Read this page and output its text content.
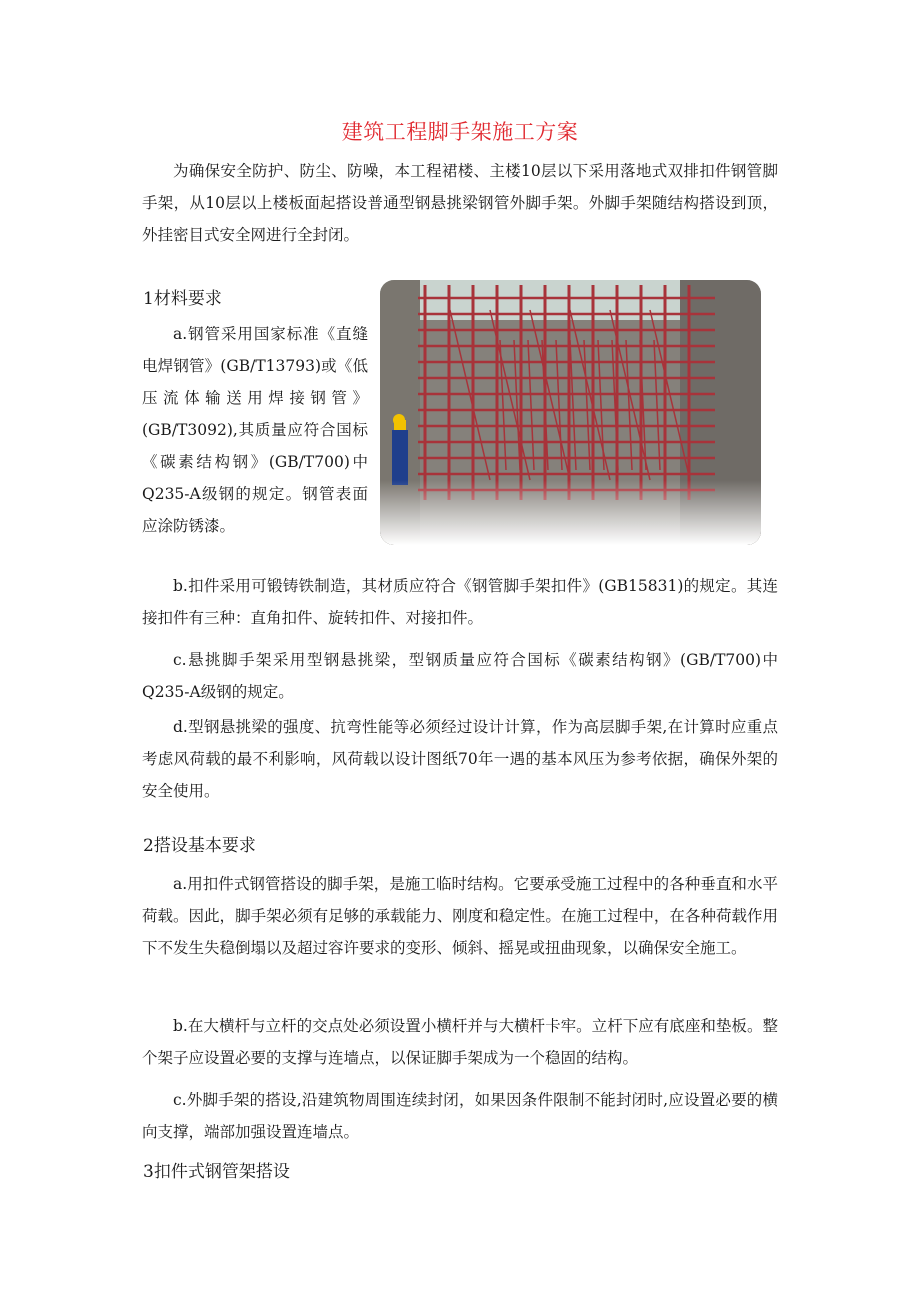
建筑工程脚手架施工方案
为确保安全防护、防尘、防噪，本工程裙楼、主楼10层以下采用落地式双排扣件钢管脚手架，从10层以上楼板面起搭设普通型钢悬挑梁钢管外脚手架。外脚手架随结构搭设到顶，外挂密目式安全网进行全封闭。
1材料要求
a.钢管采用国家标准《直缝电焊钢管》(GB/T13793)或《低压流体输送用焊接钢管》(GB/T3092),其质量应符合国标《碳素结构钢》(GB/T700)中Q235-A级钢的规定。钢管表面应涂防锈漆。
b.扣件采用可锻铸铁制造，其材质应符合《钢管脚手架扣件》(GB15831)的规定。其连接扣件有三种：直角扣件、旋转扣件、对接扣件。
c.悬挑脚手架采用型钢悬挑梁，型钢质量应符合国标《碳素结构钢》(GB/T700)中Q235-A级钢的规定。
d.型钢悬挑梁的强度、抗弯性能等必须经过设计计算，作为高层脚手架,在计算时应重点考虑风荷载的最不利影响，风荷载以设计图纸70年一遇的基本风压为参考依据，确保外架的安全使用。
2搭设基本要求
a.用扣件式钢管搭设的脚手架，是施工临时结构。它要承受施工过程中的各种垂直和水平荷载。因此，脚手架必须有足够的承载能力、刚度和稳定性。在施工过程中，在各种荷载作用下不发生失稳倒塌以及超过容许要求的变形、倾斜、摇晃或扭曲现象，以确保安全施工。
b.在大横杆与立杆的交点处必须设置小横杆并与大横杆卡牢。立杆下应有底座和垫板。整个架子应设置必要的支撑与连墙点，以保证脚手架成为一个稳固的结构。
c.外脚手架的搭设,沿建筑物周围连续封闭，如果因条件限制不能封闭时,应设置必要的横向支撑，端部加强设置连墙点。
3扣件式钢管架搭设
